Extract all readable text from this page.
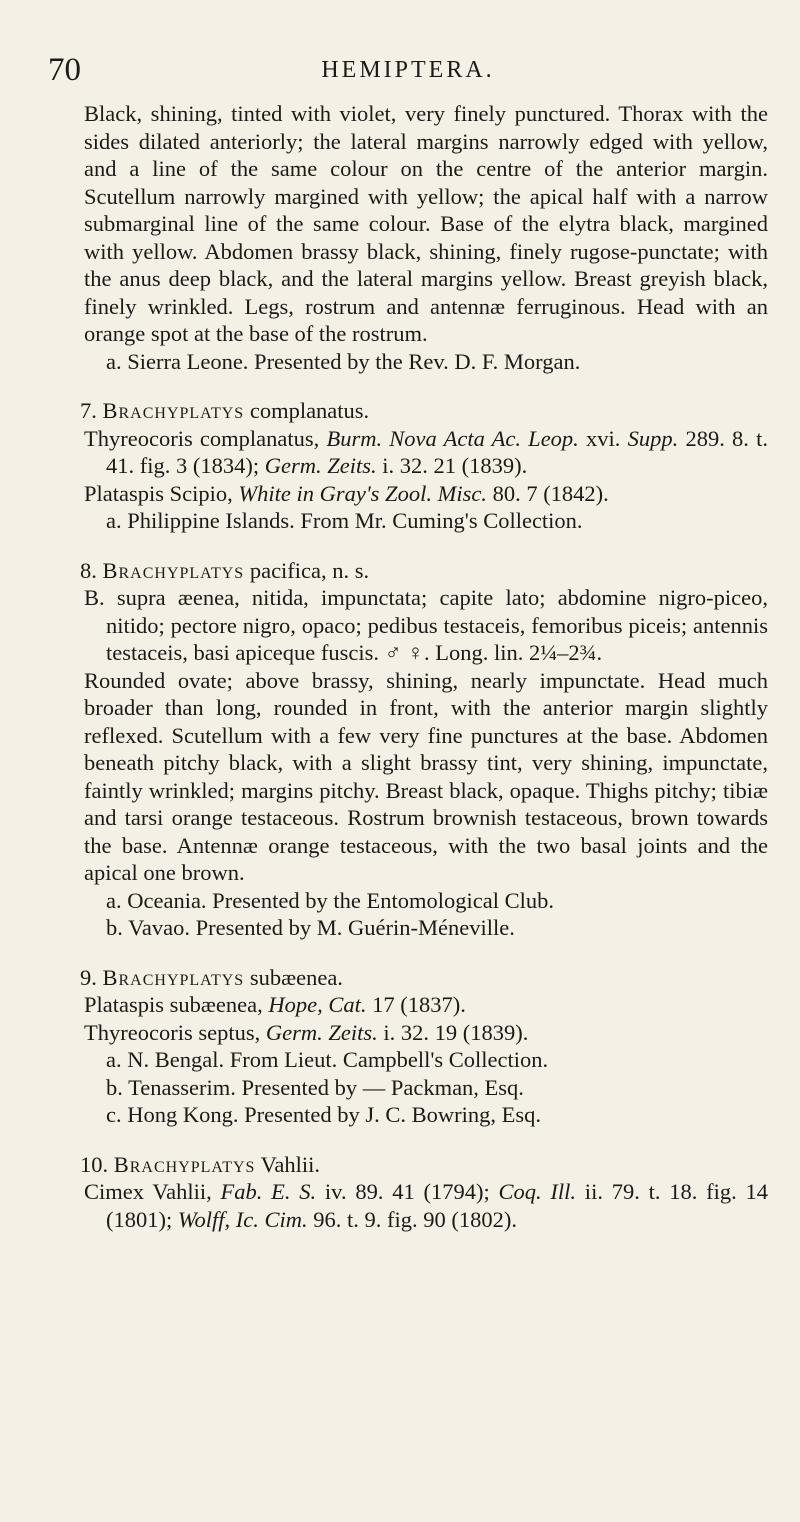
70	HEMIPTERA.

Black, shining, tinted with violet, very finely punctured. Thorax with the sides dilated anteriorly; the lateral margins narrowly edged with yellow, and a line of the same colour on the centre of the anterior margin. Scutellum narrowly margined with yellow; the apical half with a narrow submarginal line of the same colour. Base of the elytra black, margined with yellow. Abdomen brassy black, shining, finely rugose-punctate; with the anus deep black, and the lateral margins yellow. Breast greyish black, finely wrinkled. Legs, rostrum and antennæ ferruginous. Head with an orange spot at the base of the rostrum.

a. Sierra Leone. Presented by the Rev. D. F. Morgan.

7. Brachyplatys complanatus.

Thyreocoris complanatus, Burm. Nova Acta Ac. Leop. xvi. Supp. 289. 8. t. 41. fig. 3 (1834); Germ. Zeits. i. 32. 21 (1839).

Plataspis Scipio, White in Gray's Zool. Misc. 80. 7 (1842).

a. Philippine Islands. From Mr. Cuming's Collection.

8. Brachyplatys pacifica, n. s.

B. supra æenea, nitida, impunctata; capite lato; abdomine nigro-piceo, nitido; pectore nigro, opaco; pedibus testaceis, femoribus piceis; antennis testaceis, basi apiceque fuscis. ♂ ♀. Long. lin. 2¼–2¾.

Rounded ovate; above brassy, shining, nearly impunctate. Head much broader than long, rounded in front, with the anterior margin slightly reflexed. Scutellum with a few very fine punctures at the base. Abdomen beneath pitchy black, with a slight brassy tint, very shining, impunctate, faintly wrinkled; margins pitchy. Breast black, opaque. Thighs pitchy; tibiæ and tarsi orange testaceous. Rostrum brownish testaceous, brown towards the base. Antennæ orange testaceous, with the two basal joints and the apical one brown.

a. Oceania. Presented by the Entomological Club.

b. Vavao. Presented by M. Guérin-Méneville.

9. Brachyplatys subæenea.

Plataspis subæenea, Hope, Cat. 17 (1837).

Thyreocoris septus, Germ. Zeits. i. 32. 19 (1839).

a. N. Bengal. From Lieut. Campbell's Collection.

b. Tenasserim. Presented by — Packman, Esq.

c. Hong Kong. Presented by J. C. Bowring, Esq.

10. Brachyplatys Vahlii.

Cimex Vahlii, Fab. E. S. iv. 89. 41 (1794); Coq. Ill. ii. 79. t. 18. fig. 14 (1801); Wolff, Ic. Cim. 96. t. 9. fig. 90 (1802).
